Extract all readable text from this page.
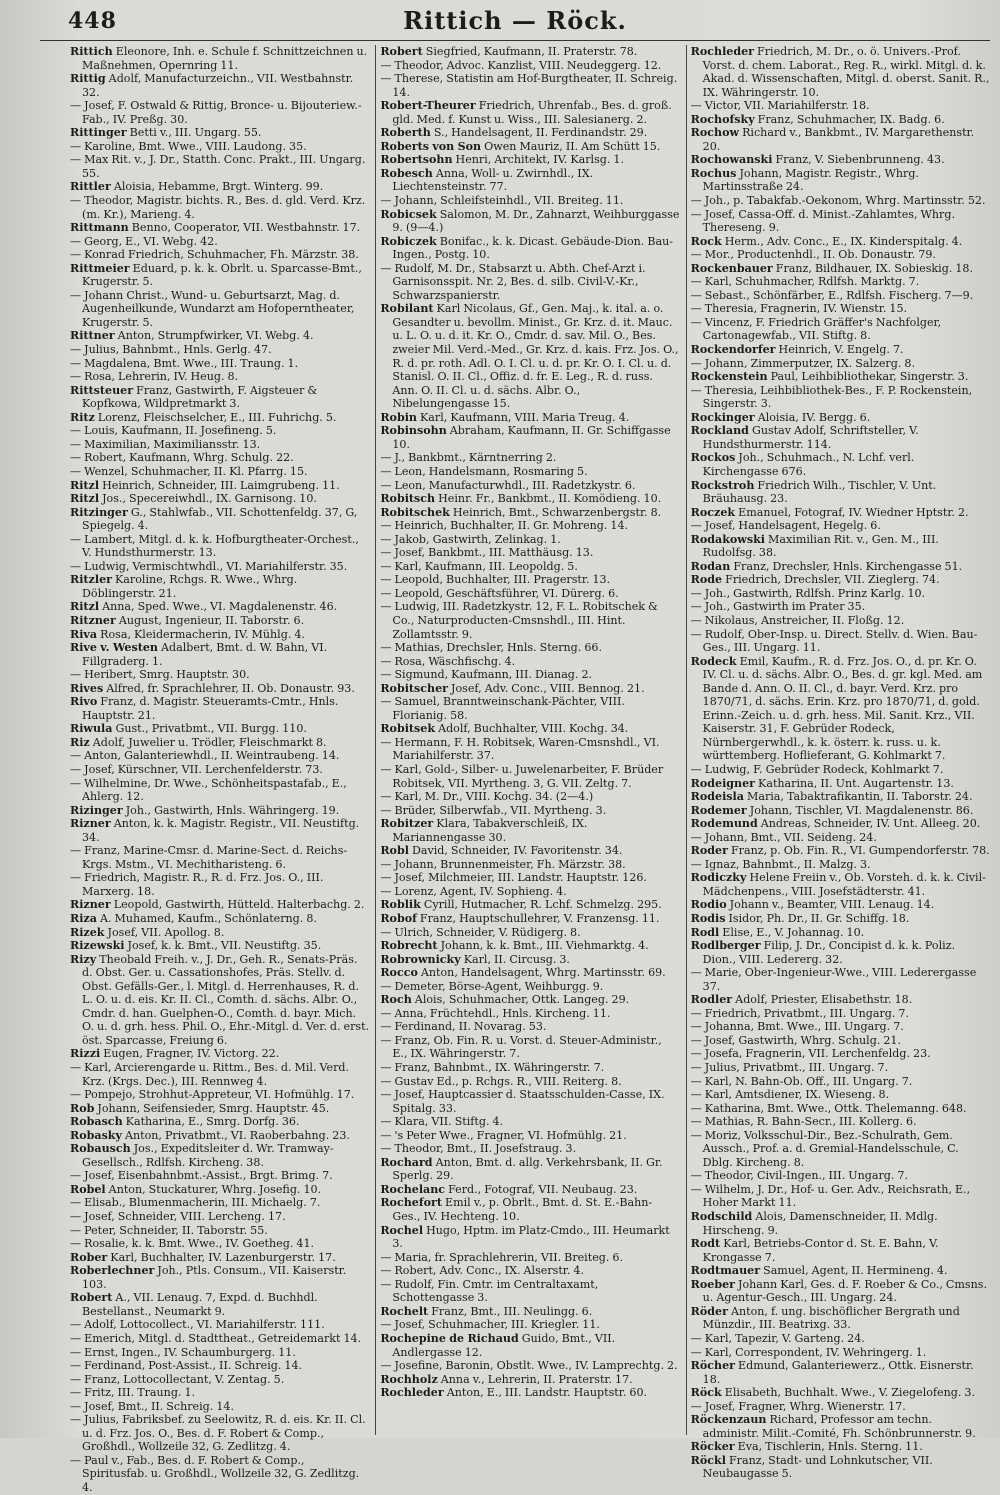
448	Rittich — Röck.

Rittich Eleonore, Inh. e. Schule f. Schnittzeichnen u. Maßnehmen, Opernring 11.

Rittig Adolf, Manufacturzeichn., VII. Westbahnstr. 32.

— Josef, F. Ostwald & Rittig, Bronce- u. Bijouteriew.-Fab., IV. Preßg. 30.

Rittinger Betti v., III. Ungarg. 55.

— Karoline, Bmt. Wwe., VIII. Laudong. 35.

— Max Rit. v., J. Dr., Statth. Conc. Prakt., III. Ungarg. 55.

Rittler Aloisia, Hebamme, Brgt. Winterg. 99.

— Theodor, Magistr. bichts. R., Bes. d. gld. Verd. Krz. (m. Kr.), Marieng. 4.

Rittmann Benno, Cooperator, VII. Westbahnstr. 17.

— Georg, E., VI. Webg. 42.

— Konrad Friedrich, Schuhmacher, Fh. Märzstr. 38.

Rittmeier Eduard, p. k. k. Obrlt. u. Sparcasse-Bmt., Krugerstr. 5.

— Johann Christ., Wund- u. Geburtsarzt, Mag. d. Augenheilkunde, Wundarzt am Hofoperntheater, Krugerstr. 5.

Rittner Anton, Strumpfwirker, VI. Webg. 4.

— Julius, Bahnbmt., Hnls. Gerlg. 47.

— Magdalena, Bmt. Wwe., III. Traung. 1.

— Rosa, Lehrerin, IV. Heug. 8.

Rittsteuer Franz, Gastwirth, F. Aigsteuer & Kopfkowa, Wildpretmarkt 3.

Ritz Lorenz, Fleischselcher, E., III. Fuhrichg. 5.

— Louis, Kaufmann, II. Josefineng. 5.

— Maximilian, Maximiliansstr. 13.

— Robert, Kaufmann, Whrg. Schulg. 22.

— Wenzel, Schuhmacher, II. Kl. Pfarrg. 15.

Ritzl Heinrich, Schneider, III. Laimgrubeng. 11.

Ritzl Jos., Specereiwhdl., IX. Garnisong. 10.

Ritzinger G., Stahlwfab., VII. Schottenfeldg. 37, G, Spiegelg. 4.

— Lambert, Mitgl. d. k. k. Hofburgtheater-Orchest., V. Hundsthurmerstr. 13.

— Ludwig, Vermischtwhdl., VI. Mariahilferstr. 35.

Ritzler Karoline, Rchgs. R. Wwe., Whrg. Döblingerstr. 21.

Ritzl Anna, Sped. Wwe., VI. Magdalenenstr. 46.

Ritzner August, Ingenieur, II. Taborstr. 6.

Riva Rosa, Kleidermacherin, IV. Mühlg. 4.

Rive v. Westen Adalbert, Bmt. d. W. Bahn, VI. Fillgraderg. 1.

— Heribert, Smrg. Hauptstr. 30.

Rives Alfred, fr. Sprachlehrer, II. Ob. Donaustr. 93.

Rivo Franz, d. Magistr. Steueramts-Cmtr., Hnls. Hauptstr. 21.

Riwula Gust., Privatbmt., VII. Burgg. 110.

Riz Adolf, Juwelier u. Trödler, Fleischmarkt 8.

— Anton, Galanteriewhdl., II. Weintraubeng. 14.

— Josef, Kürschner, VII. Lerchenfelderstr. 73.

— Wilhelmine, Dr. Wwe., Schönheitspastafab., E., Ahlerg. 12.

Rizinger Joh., Gastwirth, Hnls. Währingerg. 19.

Rizner Anton, k. k. Magistr. Registr., VII. Neustiftg. 34.

— Franz, Marine-Cmsr. d. Marine-Sect. d. Reichs-Krgs. Mstm., VI. Mechitharisteng. 6.

— Friedrich, Magistr. R., R. d. Frz. Jos. O., III. Marxerg. 18.

Rizner Leopold, Gastwirth, Hütteld. Halterbachg. 2.

Riza A. Muhamed, Kaufm., Schönlaterng. 8.

Rizek Josef, VII. Apollog. 8.

Rizewski Josef, k. k. Bmt., VII. Neustiftg. 35.

Rizy Theobald Freih. v., J. Dr., Geh. R., Senats-Präs. d. Obst. Ger. u. Cassationshofes, Präs. Stellv. d. Obst. Gefälls-Ger., l. Mitgl. d. Herrenhauses, R. d. L. O. u. d. eis. Kr. II. Cl., Comth. d. sächs. Albr. O., Cmdr. d. han. Guelphen-O., Comth. d. bayr. Mich. O. u. d. grh. hess. Phil. O., Ehr.-Mitgl. d. Ver. d. erst. öst. Sparcasse, Freiung 6.

Rizzi Eugen, Fragner, IV. Victorg. 22.

— Karl, Arcierengarde u. Rittm., Bes. d. Mil. Verd. Krz. (Krgs. Dec.), III. Rennweg 4.

— Pompejo, Strohhut-Appreteur, VI. Hofmühlg. 17.

Rob Johann, Seifensieder, Smrg. Hauptstr. 45.

Robasch Katharina, E., Smrg. Dorfg. 36.

Robasky Anton, Privatbmt., VI. Raoberbahng. 23.

Robausch Jos., Expeditsleiter d. Wr. Tramway-Gesellsch., Rdlfsh. Kircheng. 38.

— Josef, Eisenbahnbmt.-Assist., Brgt. Brimg. 7.

Robel Anton, Stuckaturer, Whrg. Josefig. 10.

— Elisab., Blumenmacherin, III. Michaelg. 7.

— Josef, Schneider, VIII. Lercheng. 17.

— Peter, Schneider, II. Taborstr. 55.

— Rosalie, k. k. Bmt. Wwe., IV. Goetheg. 41.

Rober Karl, Buchhalter, IV. Lazenburgerstr. 17.

Roberlechner Joh., Ptls. Consum., VII. Kaiserstr. 103.

Robert A., VII. Lenaug. 7, Expd. d. Buchhdl. Bestellanst., Neumarkt 9.

— Adolf, Lottocollect., VI. Mariahilferstr. 111.

— Emerich, Mitgl. d. Stadttheat., Getreidemarkt 14.

— Ernst, Ingen., IV. Schaumburgerg. 11.

— Ferdinand, Post-Assist., II. Schreig. 14.

— Franz, Lottocollectant, V. Zentag. 5.

— Fritz, III. Traung. 1.

— Josef, Bmt., II. Schreig. 14.

— Julius, Fabriksbef. zu Seelowitz, R. d. eis. Kr. II. Cl. u. d. Frz. Jos. O., Bes. d. F. Robert & Comp., Großhdl., Wollzeile 32, G. Zedlitzg. 4.

— Paul v., Fab., Bes. d. F. Robert & Comp., Spiritusfab. u. Großhdl., Wollzeile 32, G. Zedlitzg. 4.

Robert Siegfried, Kaufmann, II. Praterstr. 78.

— Theodor, Advoc. Kanzlist, VIII. Neudeggerg. 12.

— Therese, Statistin am Hof-Burgtheater, II. Schreig. 14.

Robert-Theurer Friedrich, Uhrenfab., Bes. d. groß. gld. Med. f. Kunst u. Wiss., III. Salesianerg. 2.

Roberth S., Handelsagent, II. Ferdinandstr. 29.

Roberts von Son Owen Mauriz, II. Am Schütt 15.

Robertsohn Henri, Architekt, IV. Karlsg. 1.

Robesch Anna, Woll- u. Zwirnhdl., IX. Liechtensteinstr. 77.

— Johann, Schleifsteinhdl., VII. Breiteg. 11.

Robicsek Salomon, M. Dr., Zahnarzt, Weihburggasse 9. (9—4.)

Robiczek Bonifac., k. k. Dicast. Gebäude-Dion. Bau-Ingen., Postg. 10.

— Rudolf, M. Dr., Stabsarzt u. Abth. Chef-Arzt i. Garnisonsspit. Nr. 2, Bes. d. silb. Civil-V.-Kr., Schwarzspanierstr.

Robilant Karl Nicolaus, Gf., Gen. Maj., k. ital. a. o. Gesandter u. bevollm. Minist., Gr. Krz. d. it. Mauc. u. L. O. u. d. it. Kr. O., Cmdr. d. sav. Mil. O., Bes. zweier Mil. Verd.-Med., Gr. Krz. d. kais. Frz. Jos. O., R. d. pr. roth. Adl. O. I. Cl. u. d. pr. Kr. O. I. Cl. u. d. Stanisl. O. II. Cl., Offiz. d. fr. E. Leg., R. d. russ. Ann. O. II. Cl. u. d. sächs. Albr. O., Nibelungengasse 15.

Robin Karl, Kaufmann, VIII. Maria Treug. 4.

Robinsohn Abraham, Kaufmann, II. Gr. Schiffgasse 10.

— J., Bankbmt., Kärntnerring 2.

— Leon, Handelsmann, Rosmaring 5.

— Leon, Manufacturwhdl., III. Radetzkystr. 6.

Robitsch Heinr. Fr., Bankbmt., II. Komödieng. 10.

Robitschek Heinrich, Bmt., Schwarzenbergstr. 8.

— Heinrich, Buchhalter, II. Gr. Mohreng. 14.

— Jakob, Gastwirth, Zelinkag. 1.

— Josef, Bankbmt., III. Matthäusg. 13.

— Karl, Kaufmann, III. Leopoldg. 5.

— Leopold, Buchhalter, III. Pragerstr. 13.

— Leopold, Geschäftsführer, VI. Dürerg. 6.

— Ludwig, III. Radetzkystr. 12, F. L. Robitschek & Co., Naturproducten-Cmsnshdl., III. Hint. Zollamtsstr. 9.

— Mathias, Drechsler, Hnls. Sterng. 66.

— Rosa, Wäschfischg. 4.

— Sigmund, Kaufmann, III. Dianag. 2.

Robitscher Josef, Adv. Conc., VIII. Bennog. 21.

— Samuel, Branntweinschank-Pächter, VIII. Florianig. 58.

Robitsek Adolf, Buchhalter, VIII. Kochg. 34.

— Hermann, F. H. Robitsek, Waren-Cmsnshdl., VI. Mariahilferstr. 37.

— Karl, Gold-, Silber- u. Juwelenarbeiter, F. Brüder Robitsek, VII. Myrtheng. 3, G. VII. Zeltg. 7.

— Karl, M. Dr., VIII. Kochg. 34. (2—4.)

— Brüder, Silberwfab., VII. Myrtheng. 3.

Robitzer Klara, Tabakverschleiß, IX. Mariannengasse 30.

Robl David, Schneider, IV. Favoritenstr. 34.

— Johann, Brunnenmeister, Fh. Märzstr. 38.

— Josef, Milchmeier, III. Landstr. Hauptstr. 126.

— Lorenz, Agent, IV. Sophieng. 4.

Roblik Cyrill, Hutmacher, R. Lchf. Schmelzg. 295.

Robof Franz, Hauptschullehrer, V. Franzensg. 11.

— Ulrich, Schneider, V. Rüdigerg. 8.

Robrecht Johann, k. k. Bmt., III. Viehmarktg. 4.

Robrownicky Karl, II. Circusg. 3.

Rocco Anton, Handelsagent, Whrg. Martinsstr. 69.

— Demeter, Börse-Agent, Weihburgg. 9.

Roch Alois, Schuhmacher, Ottk. Langeg. 29.

— Anna, Früchtehdl., Hnls. Kircheng. 11.

— Ferdinand, II. Novarag. 53.

— Franz, Ob. Fin. R. u. Vorst. d. Steuer-Administr., E., IX. Währingerstr. 7.

— Franz, Bahnbmt., IX. Währingerstr. 7.

— Gustav Ed., p. Rchgs. R., VIII. Reiterg. 8.

— Josef, Hauptcassier d. Staatsschulden-Casse, IX. Spitalg. 33.

— Klara, VII. Stiftg. 4.

— 's Peter Wwe., Fragner, VI. Hofmühlg. 21.

— Theodor, Bmt., II. Josefstraug. 3.

Rochard Anton, Bmt. d. allg. Verkehrsbank, II. Gr. Sperlg. 29.

Rochelanc Ferd., Fotograf, VII. Neubaug. 23.

Rochefort Emil v., p. Obrlt., Bmt. d. St. E.-Bahn-Ges., IV. Hechteng. 10.

Rochel Hugo, Hptm. im Platz-Cmdo., III. Heumarkt 3.

— Maria, fr. Sprachlehrerin, VII. Breiteg. 6.

— Robert, Adv. Conc., IX. Alserstr. 4.

— Rudolf, Fin. Cmtr. im Centraltaxamt, Schottengasse 3.

Rochelt Franz, Bmt., III. Neulingg. 6.

— Josef, Schuhmacher, III. Kriegler. 11.

Rochepine de Richaud Guido, Bmt., VII. Andlergasse 12.

— Josefine, Baronin, Obstlt. Wwe., IV. Lamprechtg. 2.

Rochholz Anna v., Lehrerin, II. Praterstr. 17.

Rochleder Anton, E., III. Landstr. Hauptstr. 60.

Rochleder Friedrich, M. Dr., o. ö. Univers.-Prof. Vorst. d. chem. Laborat., Reg. R., wirkl. Mitgl. d. k. Akad. d. Wissenschaften, Mitgl. d. oberst. Sanit. R., IX. Währingerstr. 10.

— Victor, VII. Mariahilferstr. 18.

Rochofsky Franz, Schuhmacher, IX. Badg. 6.

Rochow Richard v., Bankbmt., IV. Margarethenstr. 20.

Rochowanski Franz, V. Siebenbrunneng. 43.

Rochus Johann, Magistr. Registr., Whrg. Martinsstraße 24.

— Joh., p. Tabakfab.-Oekonom, Whrg. Martinsstr. 52.

— Josef, Cassa-Off. d. Minist.-Zahlamtes, Whrg. Thereseng. 9.

Rock Herm., Adv. Conc., E., IX. Kinderspitalg. 4.

— Mor., Productenhdl., II. Ob. Donaustr. 79.

Rockenbauer Franz, Bildhauer, IX. Sobieskig. 18.

— Karl, Schuhmacher, Rdlfsh. Marktg. 7.

— Sebast., Schönfärber, E., Rdlfsh. Fischerg. 7—9.

— Theresia, Fragnerin, IV. Wienstr. 15.

— Vincenz, F. Friedrich Gräffer's Nachfolger, Cartonagewfab., VII. Stiftg. 8.

Rockendorfer Heinrich, V. Engelg. 7.

— Johann, Zimmerputzer, IX. Salzerg. 8.

Rockenstein Paul, Leihbibliothekar, Singerstr. 3.

— Theresia, Leihbibliothek-Bes., F. P. Rockenstein, Singerstr. 3.

Rockinger Aloisia, IV. Bergg. 6.

Rockland Gustav Adolf, Schriftsteller, V. Hundsthurmerstr. 114.

Rockos Joh., Schuhmach., N. Lchf. verl. Kirchengasse 676.

Rockstroh Friedrich Wilh., Tischler, V. Unt. Bräuhausg. 23.

Roczek Emanuel, Fotograf, IV. Wiedner Hptstr. 2.

— Josef, Handelsagent, Hegelg. 6.

Rodakowski Maximilian Rit. v., Gen. M., III. Rudolfsg. 38.

Rodan Franz, Drechsler, Hnls. Kirchengasse 51.

Rode Friedrich, Drechsler, VII. Zieglerg. 74.

— Joh., Gastwirth, Rdlfsh. Prinz Karlg. 10.

— Joh., Gastwirth im Prater 35.

— Nikolaus, Anstreicher, II. Floßg. 12.

— Rudolf, Ober-Insp. u. Direct. Stellv. d. Wien. Bau-Ges., III. Ungarg. 11.

Rodeck Emil, Kaufm., R. d. Frz. Jos. O., d. pr. Kr. O. IV. Cl. u. d. sächs. Albr. O., Bes. d. gr. kgl. Med. am Bande d. Ann. O. II. Cl., d. bayr. Verd. Krz. pro 1870/71, d. sächs. Erin. Krz. pro 1870/71, d. gold. Erinn.-Zeich. u. d. grh. hess. Mil. Sanit. Krz., VII. Kaiserstr. 31, F. Gebrüder Rodeck, Nürnbergerwhdl., k. k. österr. k. russ. u. k. württemberg. Hoflieferant, G. Kohlmarkt 7.

— Ludwig, F. Gebrüder Rodeck, Kohlmarkt 7.

Rodeigner Katharina, II. Unt. Augartenstr. 13.

Rodeisla Maria, Tabaktrafikantin, II. Taborstr. 24.

Rodemer Johann, Tischler, VI. Magdalenenstr. 86.

Rodemund Andreas, Schneider, IV. Unt. Alleeg. 20.

— Johann, Bmt., VII. Seideng. 24.

Roder Franz, p. Ob. Fin. R., VI. Gumpendorferstr. 78.

— Ignaz, Bahnbmt., II. Malzg. 3.

Rodiczky Helene Freiin v., Ob. Vorsteh. d. k. k. Civil-Mädchenpens., VIII. Josefstädterstr. 41.

Rodio Johann v., Beamter, VIII. Lenaug. 14.

Rodis Isidor, Ph. Dr., II. Gr. Schiffg. 18.

Rodl Elise, E., V. Johannag. 10.

Rodlberger Filip, J. Dr., Concipist d. k. k. Poliz. Dion., VIII. Ledererg. 32.

— Marie, Ober-Ingenieur-Wwe., VIII. Lederergasse 37.

Rodler Adolf, Priester, Elisabethstr. 18.

— Friedrich, Privatbmt., III. Ungarg. 7.

— Johanna, Bmt. Wwe., III. Ungarg. 7.

— Josef, Gastwirth, Whrg. Schulg. 21.

— Josefa, Fragnerin, VII. Lerchenfeldg. 23.

— Julius, Privatbmt., III. Ungarg. 7.

— Karl, N. Bahn-Ob. Off., III. Ungarg. 7.

— Karl, Amtsdiener, IX. Wieseng. 8.

— Katharina, Bmt. Wwe., Ottk. Thelemanng. 648.

— Mathias, R. Bahn-Secr., III. Kollerg. 6.

— Moriz, Volksschul-Dir., Bez.-Schulrath, Gem. Aussch., Prof. a. d. Gremial-Handelsschule, C. Dblg. Kircheng. 8.

— Theodor, Civil-Ingen., III. Ungarg. 7.

— Wilhelm, J. Dr., Hof- u. Ger. Adv., Reichsrath, E., Hoher Markt 11.

Rodschild Alois, Damenschneider, II. Mdlg. Hirscheng. 9.

Rodt Karl, Betriebs-Contor d. St. E. Bahn, V. Krongasse 7.

Rodtmauer Samuel, Agent, II. Hermineng. 4.

Roeber Johann Karl, Ges. d. F. Roeber & Co., Cmsns. u. Agentur-Gesch., III. Ungarg. 24.

Röder Anton, f. ung. bischöflicher Bergrath und Münzdir., III. Beatrixg. 33.

— Karl, Tapezir, V. Garteng. 24.

— Karl, Correspondent, IV. Wehringerg. 1.

Röcher Edmund, Galanteriewerz., Ottk. Eisnerstr. 18.

Röck Elisabeth, Buchhalt. Wwe., V. Ziegelofeng. 3.

— Josef, Fragner, Whrg. Wienerstr. 17.

Röckenzaun Richard, Professor am techn. administr. Milit.-Comité, Fh. Schönbrunnerstr. 9.

Röcker Eva, Tischlerin, Hnls. Sterng. 11.

Röckl Franz, Stadt- und Lohnkutscher, VII. Neubaugasse 5.
